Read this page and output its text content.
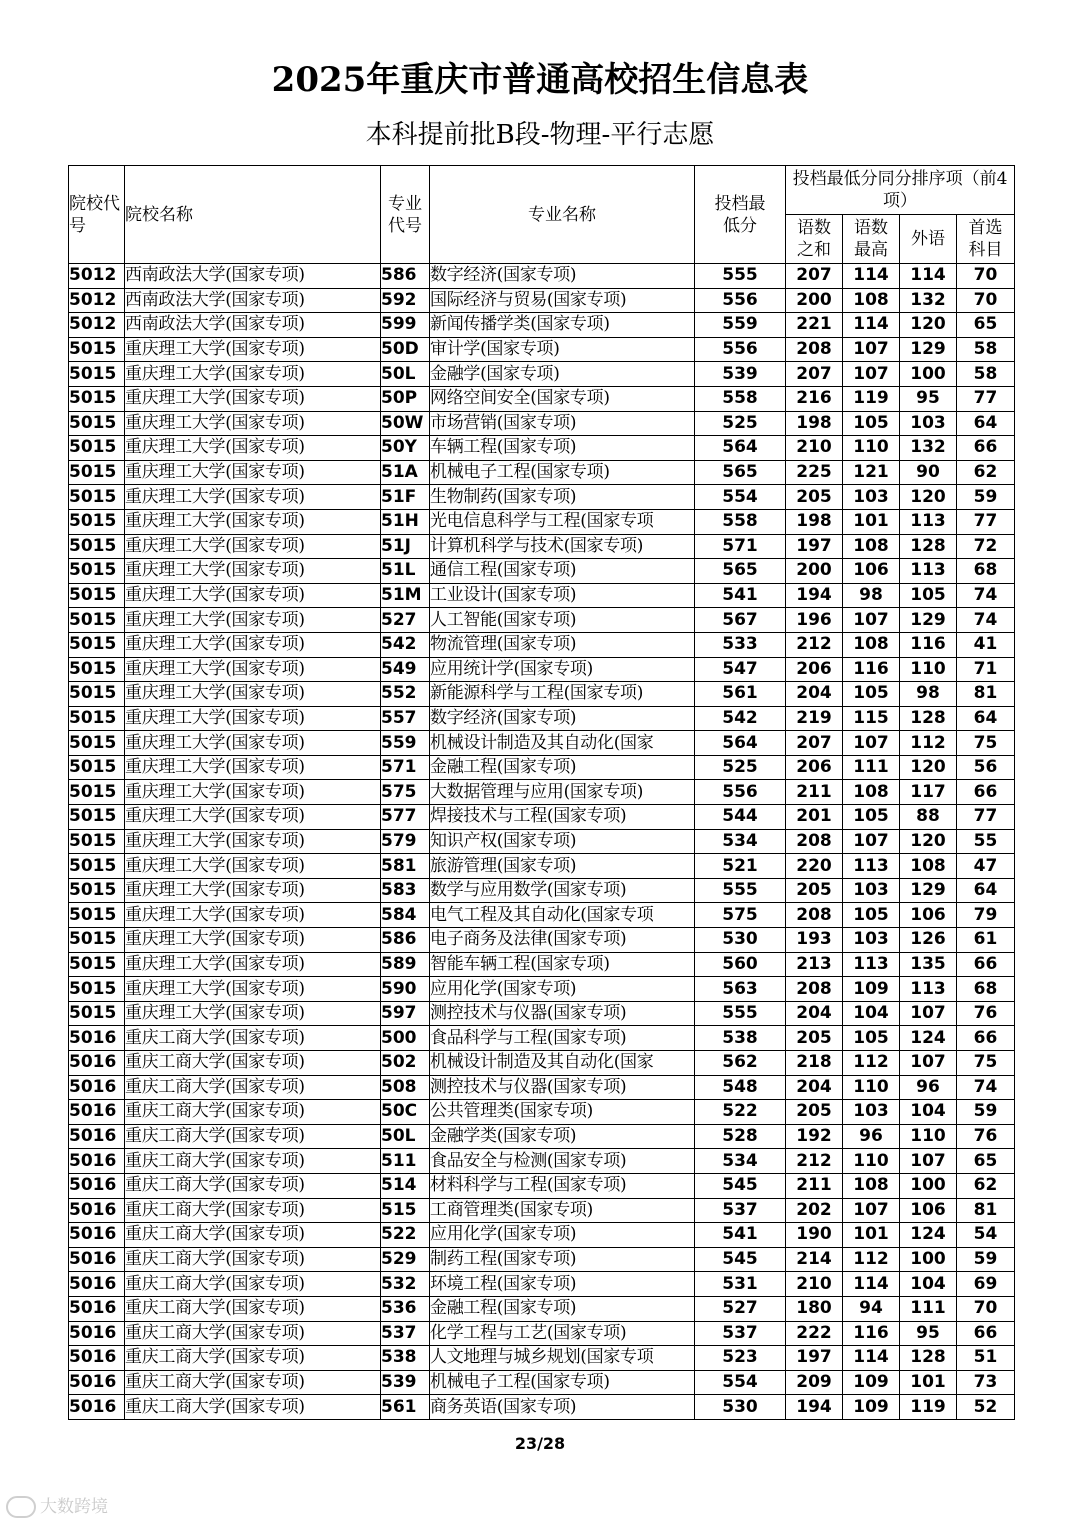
2025年重庆市普通高校招生信息表
本科提前批B段-物理-平行志愿
院校代号	院校名称	专业代号	专业名称	投档最低分	投档最低分同分排序项（前4项）			
					语数之和	语数最高	外语	首选科目
5012	西南政法大学(国家专项)	586	数字经济(国家专项)	555	207	114	114	70
5012	西南政法大学(国家专项)	592	国际经济与贸易(国家专项)	556	200	108	132	70
5012	西南政法大学(国家专项)	599	新闻传播学类(国家专项)	559	221	114	120	65
5015	重庆理工大学(国家专项)	50D	审计学(国家专项)	556	208	107	129	58
5015	重庆理工大学(国家专项)	50L	金融学(国家专项)	539	207	107	100	58
5015	重庆理工大学(国家专项)	50P	网络空间安全(国家专项)	558	216	119	95	77
5015	重庆理工大学(国家专项)	50W	市场营销(国家专项)	525	198	105	103	64
5015	重庆理工大学(国家专项)	50Y	车辆工程(国家专项)	564	210	110	132	66
5015	重庆理工大学(国家专项)	51A	机械电子工程(国家专项)	565	225	121	90	62
5015	重庆理工大学(国家专项)	51F	生物制药(国家专项)	554	205	103	120	59
5015	重庆理工大学(国家专项)	51H	光电信息科学与工程(国家专项	558	198	101	113	77
5015	重庆理工大学(国家专项)	51J	计算机科学与技术(国家专项)	571	197	108	128	72
5015	重庆理工大学(国家专项)	51L	通信工程(国家专项)	565	200	106	113	68
5015	重庆理工大学(国家专项)	51M	工业设计(国家专项)	541	194	98	105	74
5015	重庆理工大学(国家专项)	527	人工智能(国家专项)	567	196	107	129	74
5015	重庆理工大学(国家专项)	542	物流管理(国家专项)	533	212	108	116	41
5015	重庆理工大学(国家专项)	549	应用统计学(国家专项)	547	206	116	110	71
5015	重庆理工大学(国家专项)	552	新能源科学与工程(国家专项)	561	204	105	98	81
5015	重庆理工大学(国家专项)	557	数字经济(国家专项)	542	219	115	128	64
5015	重庆理工大学(国家专项)	559	机械设计制造及其自动化(国家	564	207	107	112	75
5015	重庆理工大学(国家专项)	571	金融工程(国家专项)	525	206	111	120	56
5015	重庆理工大学(国家专项)	575	大数据管理与应用(国家专项)	556	211	108	117	66
5015	重庆理工大学(国家专项)	577	焊接技术与工程(国家专项)	544	201	105	88	77
5015	重庆理工大学(国家专项)	579	知识产权(国家专项)	534	208	107	120	55
5015	重庆理工大学(国家专项)	581	旅游管理(国家专项)	521	220	113	108	47
5015	重庆理工大学(国家专项)	583	数学与应用数学(国家专项)	555	205	103	129	64
5015	重庆理工大学(国家专项)	584	电气工程及其自动化(国家专项	575	208	105	106	79
5015	重庆理工大学(国家专项)	586	电子商务及法律(国家专项)	530	193	103	126	61
5015	重庆理工大学(国家专项)	589	智能车辆工程(国家专项)	560	213	113	135	66
5015	重庆理工大学(国家专项)	590	应用化学(国家专项)	563	208	109	113	68
5015	重庆理工大学(国家专项)	597	测控技术与仪器(国家专项)	555	204	104	107	76
5016	重庆工商大学(国家专项)	500	食品科学与工程(国家专项)	538	205	105	124	66
5016	重庆工商大学(国家专项)	502	机械设计制造及其自动化(国家	562	218	112	107	75
5016	重庆工商大学(国家专项)	508	测控技术与仪器(国家专项)	548	204	110	96	74
5016	重庆工商大学(国家专项)	50C	公共管理类(国家专项)	522	205	103	104	59
5016	重庆工商大学(国家专项)	50L	金融学类(国家专项)	528	192	96	110	76
5016	重庆工商大学(国家专项)	511	食品安全与检测(国家专项)	534	212	110	107	65
5016	重庆工商大学(国家专项)	514	材料科学与工程(国家专项)	545	211	108	100	62
5016	重庆工商大学(国家专项)	515	工商管理类(国家专项)	537	202	107	106	81
5016	重庆工商大学(国家专项)	522	应用化学(国家专项)	541	190	101	124	54
5016	重庆工商大学(国家专项)	529	制药工程(国家专项)	545	214	112	100	59
5016	重庆工商大学(国家专项)	532	环境工程(国家专项)	531	210	114	104	69
5016	重庆工商大学(国家专项)	536	金融工程(国家专项)	527	180	94	111	70
5016	重庆工商大学(国家专项)	537	化学工程与工艺(国家专项)	537	222	116	95	66
5016	重庆工商大学(国家专项)	538	人文地理与城乡规划(国家专项	523	197	114	128	51
5016	重庆工商大学(国家专项)	539	机械电子工程(国家专项)	554	209	109	101	73
5016	重庆工商大学(国家专项)	561	商务英语(国家专项)	530	194	109	119	52
23/28
大数跨境
